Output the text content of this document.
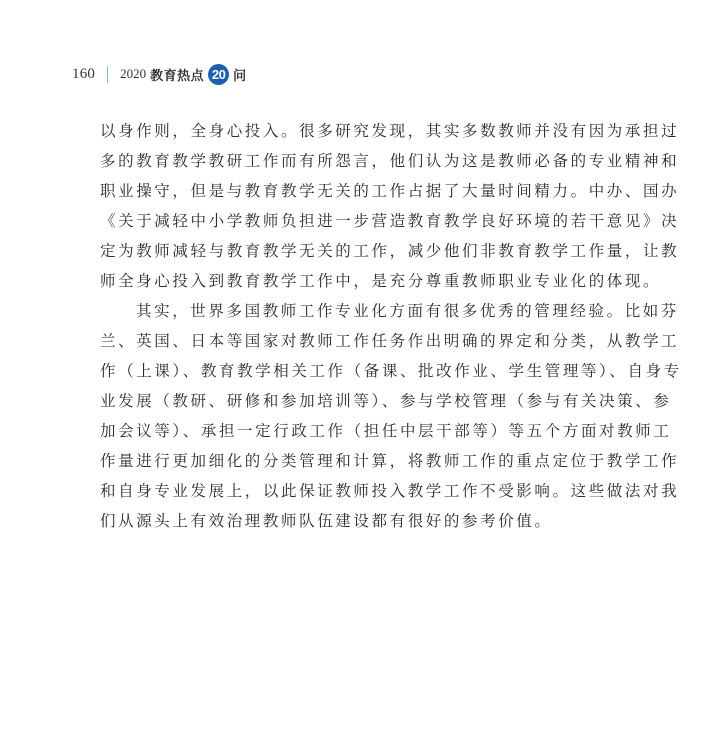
160 2020 教育热点 20 问
以身作则，全身心投入。很多研究发现，其实多数教师并没有因为承担过
多的教育教学教研工作而有所怨言，他们认为这是教师必备的专业精神和
职业操守，但是与教育教学无关的工作占据了大量时间精力。中办、国办
《关于减轻中小学教师负担进一步营造教育教学良好环境的若干意见》决
定为教师减轻与教育教学无关的工作，减少他们非教育教学工作量，让教
师全身心投入到教育教学工作中，是充分尊重教师职业专业化的体现。
其实，世界多国教师工作专业化方面有很多优秀的管理经验。比如芬
兰、英国、日本等国家对教师工作任务作出明确的界定和分类，从教学工
作（上课）、教育教学相关工作（备课、批改作业、学生管理等）、自身专
业发展（教研、研修和参加培训等）、参与学校管理（参与有关决策、参
加会议等）、承担一定行政工作（担任中层干部等）等五个方面对教师工
作量进行更加细化的分类管理和计算，将教师工作的重点定位于教学工作
和自身专业发展上，以此保证教师投入教学工作不受影响。这些做法对我
们从源头上有效治理教师队伍建设都有很好的参考价值。
